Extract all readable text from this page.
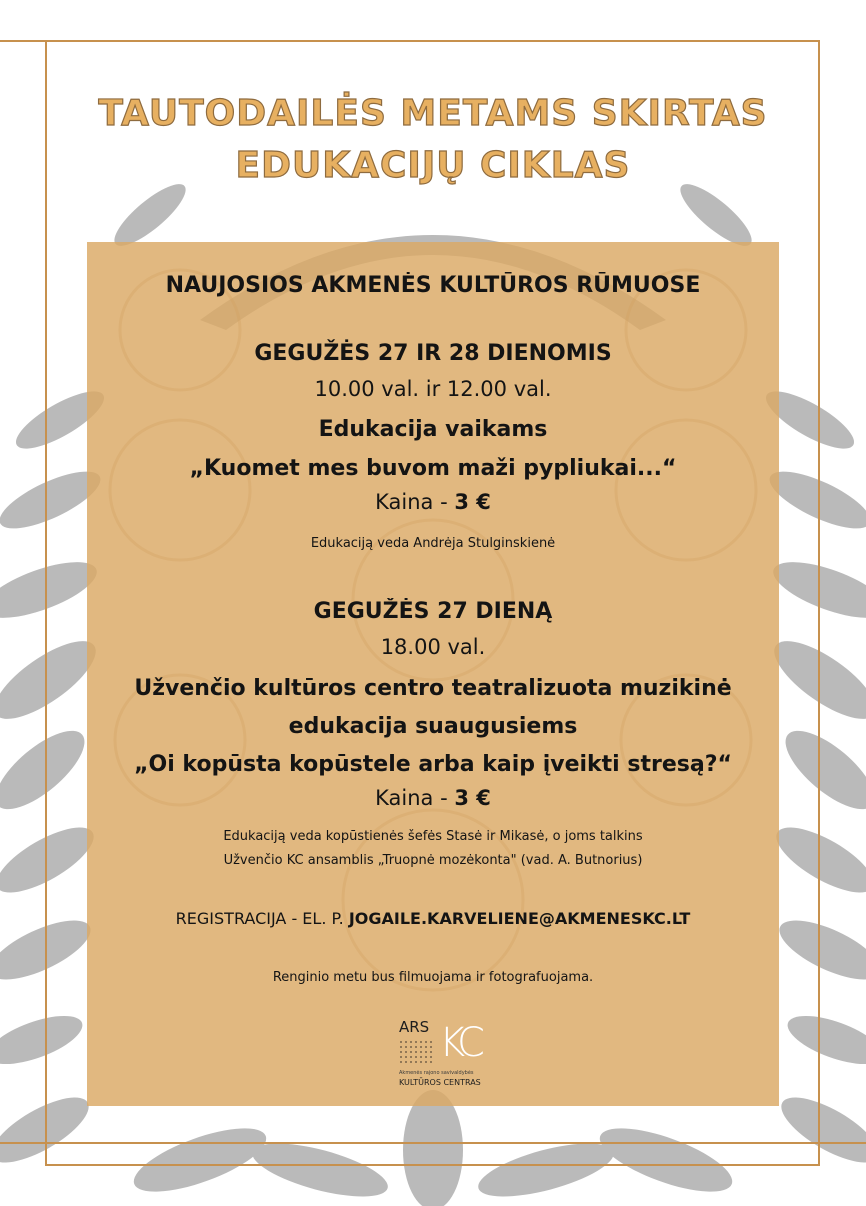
TAUTODAILĖS METAMS SKIRTAS
EDUKACIJŲ CIKLAS
NAUJOSIOS AKMENĖS KULTŪROS RŪMUOSE
GEGUŽĖS 27 IR 28 DIENOMIS
10.00 val. ir 12.00 val.
Edukacija vaikams
„Kuomet mes buvom maži pypliukai...“
Kaina - 3 €
Edukaciją veda Andrėja Stulginskienė
GEGUŽĖS 27 DIENĄ
18.00 val.
Užvenčio kultūros centro teatralizuota muzikinė
edukacija suaugusiems
„Oi kopūsta kopūstele arba kaip įveikti stresą?“
Kaina - 3 €
Edukaciją veda kopūstienės šefės Stasė ir Mikasė, o joms talkins
Užvenčio KC ansamblis „Truopnė mozėkonta" (vad. A. Butnorius)
REGISTRACIJA - EL. P. JOGAILE.KARVELIENE@AKMENESKC.LT
Renginio metu bus filmuojama ir fotografuojama.
ARS KC
Akmenės rajono savivaldybės
KULTŪROS CENTRAS
